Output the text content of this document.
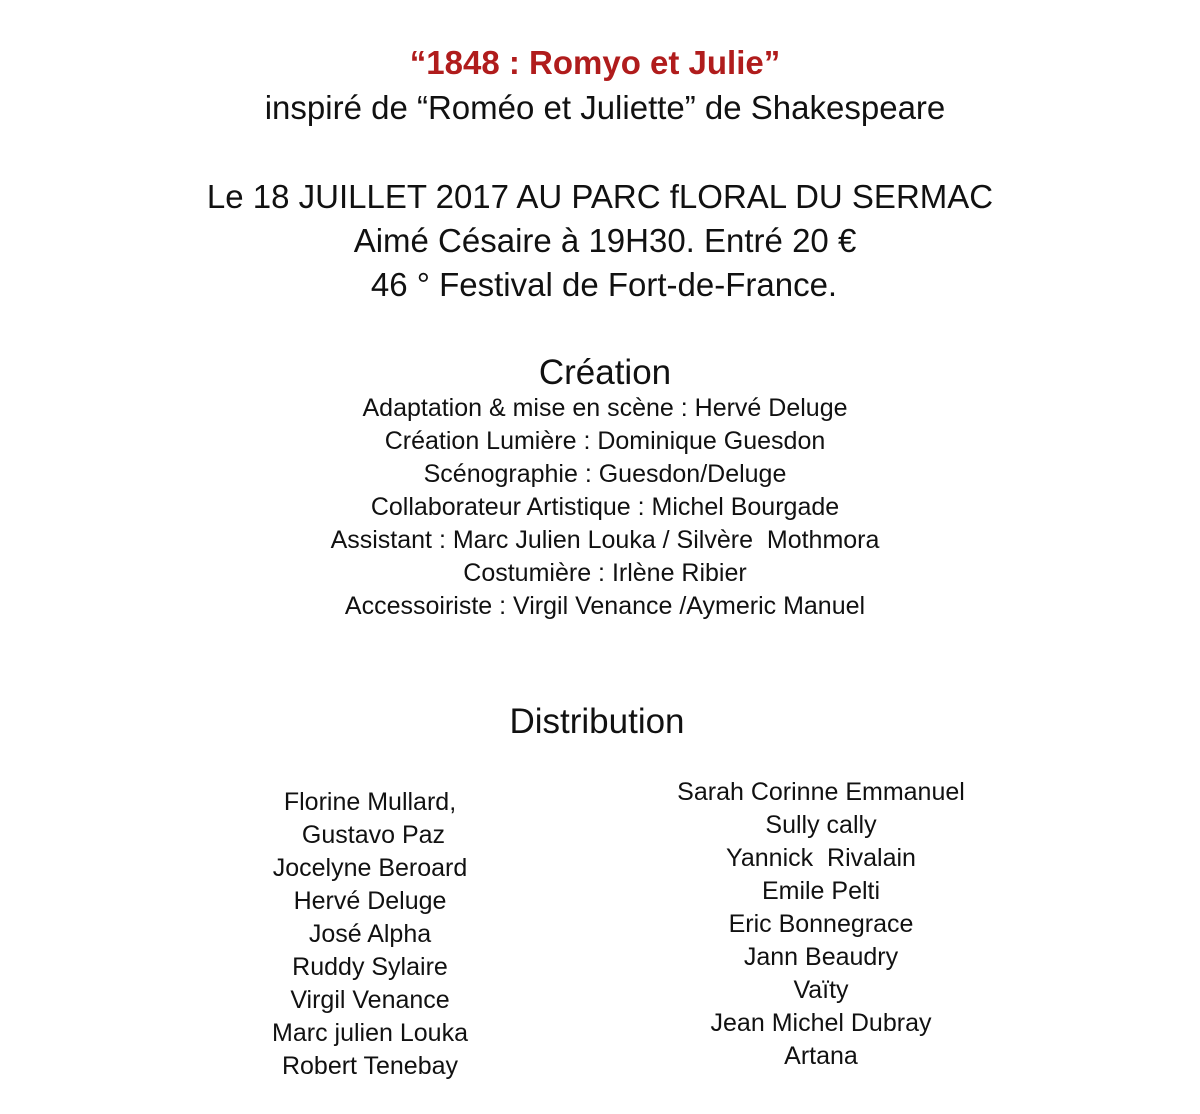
“1848 : Romyo et Julie”
inspiré de “Roméo et Juliette” de Shakespeare
Le 18 JUILLET 2017 AU PARC fLORAL DU SERMAC
Aimé Césaire à 19H30. Entré 20 €
46 ° Festival de Fort-de-France.
Création
Adaptation & mise en scène : Hervé Deluge
Création Lumière : Dominique Guesdon
Scénographie : Guesdon/Deluge
Collaborateur Artistique : Michel Bourgade
Assistant : Marc Julien Louka / Silvère  Mothmora
Costumière : Irlène Ribier
Accessoiriste : Virgil Venance /Aymeric Manuel
Distribution
Florine Mullard,
Gustavo Paz
Jocelyne Beroard
Hervé Deluge
José Alpha
Ruddy Sylaire
Virgil Venance
Marc julien Louka
Robert Tenebay
Sarah Corinne Emmanuel
Sully cally
Yannick  Rivalain
Emile Pelti
Eric Bonnegrace
Jann Beaudry
Vaïty
Jean Michel Dubray
Artana
